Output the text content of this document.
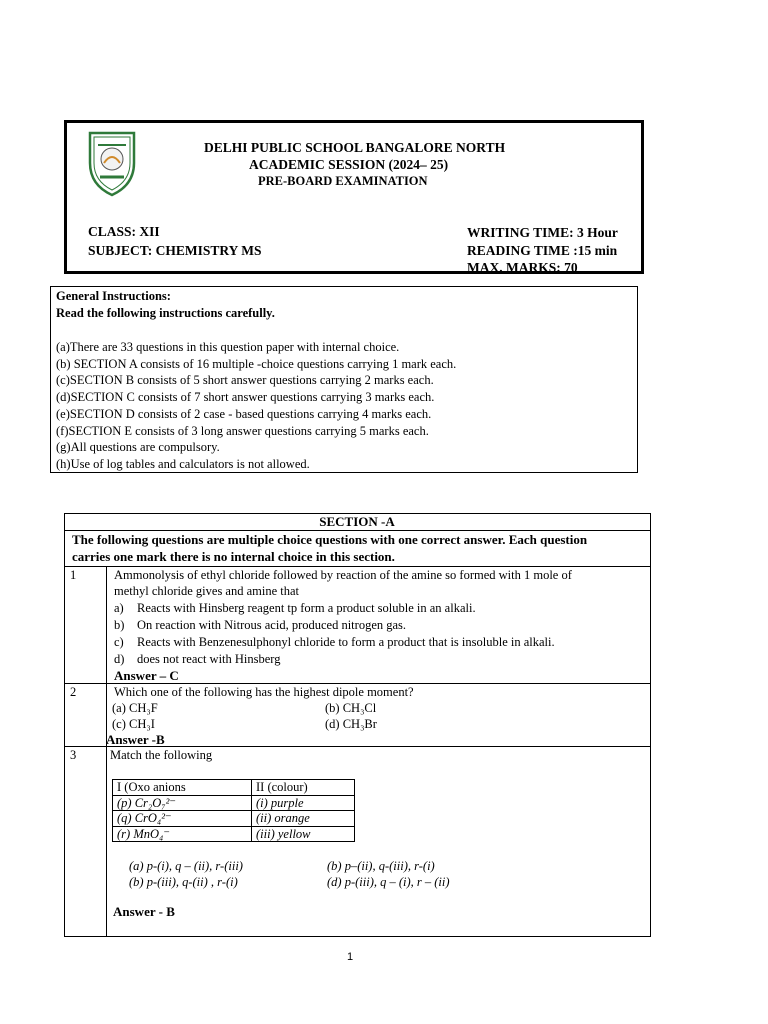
DELHI PUBLIC SCHOOL BANGALORE NORTH
ACADEMIC SESSION (2024– 25)
PRE-BOARD EXAMINATION
CLASS: XII
SUBJECT: CHEMISTRY MS
WRITING TIME: 3 Hour
READING TIME :15 min
MAX. MARKS: 70
General Instructions:
Read the following instructions carefully.
(a)There are 33 questions in this question paper with internal choice.
(b) SECTION A consists of 16 multiple -choice questions carrying 1 mark each.
(c)SECTION B consists of 5 short answer questions carrying 2 marks each.
(d)SECTION C consists of 7 short answer questions carrying 3 marks each.
(e)SECTION D consists of 2 case - based questions carrying 4 marks each.
(f)SECTION E consists of 3 long answer questions carrying 5 marks each.
(g)All questions are compulsory.
(h)Use of log tables and calculators is not allowed.
SECTION -A
The following questions are multiple choice questions with one correct answer. Each question
carries one mark there is no internal choice in this section.
1	Ammonolysis of ethyl chloride followed by reaction of the amine so formed with 1 mole of
methyl chloride gives and amine that
a) Reacts with Hinsberg reagent tp form a product soluble in an alkali.
b) On reaction with Nitrous acid, produced nitrogen gas.
c) Reacts with Benzenesulphonyl chloride to form a product that is insoluble in alkali.
d) does not react with Hinsberg
Answer – C
2	Which one of the following has the highest dipole moment?
(a) CH₃F	(b) CH₃Cl
(c) CH₃I	(d) CH₃Br
Answer -B
3	Match the following
I (Oxo anions	II (colour)
(p) Cr₂O₇²⁻	(i) purple
(q) CrO₄²⁻	(ii) orange
(r) MnO₄⁻	(iii) yellow
(a) p-(i), q – (ii), r-(iii)	(b) p–(ii), q-(iii), r-(i)
(b) p-(iii), q-(ii) , r-(i)	(d) p-(iii), q – (i), r – (ii)
Answer - B
1
